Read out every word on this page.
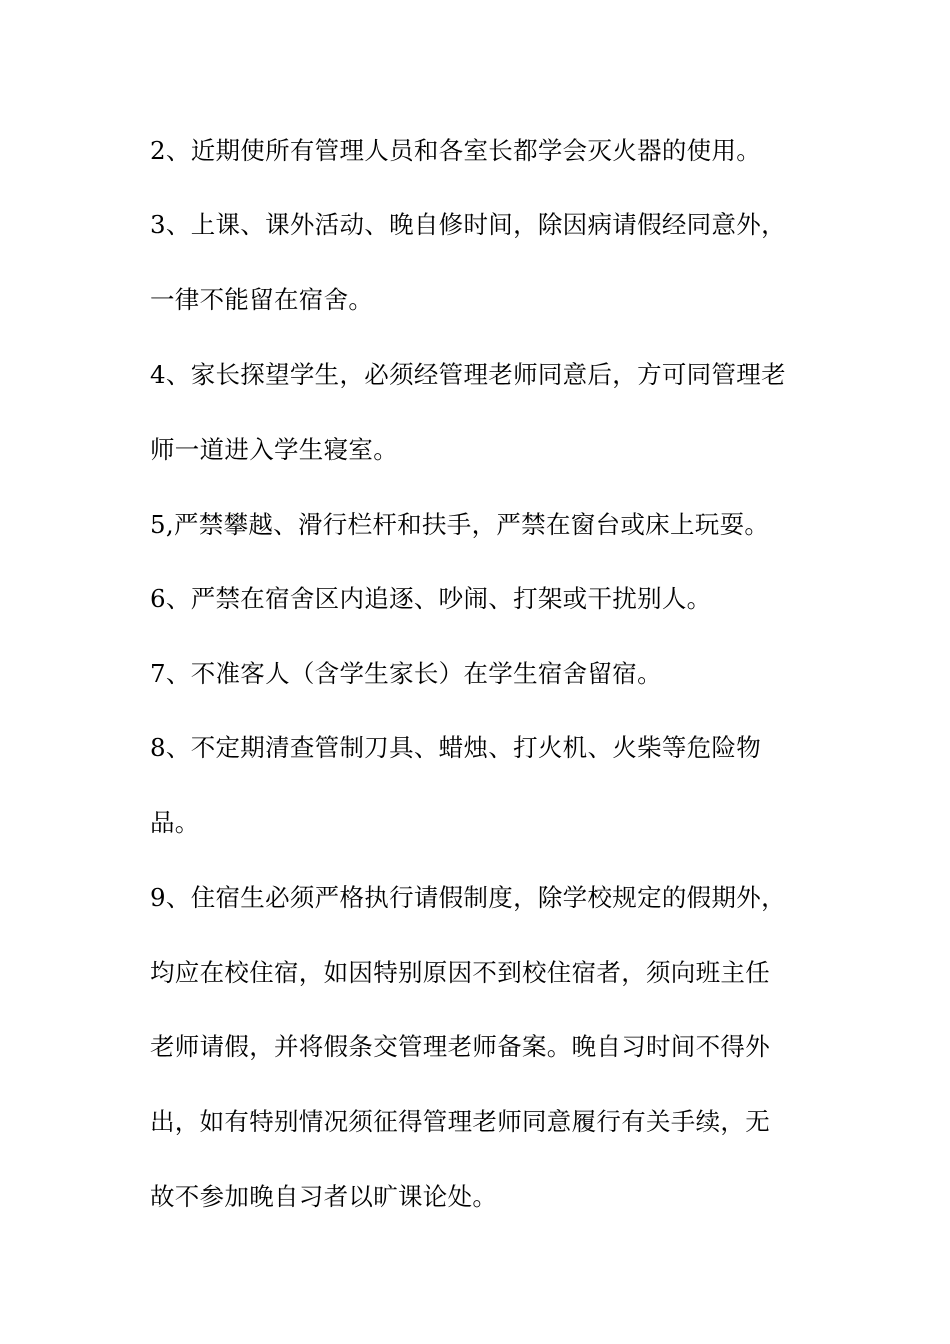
2、近期使所有管理人员和各室长都学会灭火器的使用。
3、上课、课外活动、晚自修时间，除因病请假经同意外，
一律不能留在宿舍。
4、家长探望学生，必须经管理老师同意后，方可同管理老
师一道进入学生寝室。
5,严禁攀越、滑行栏杆和扶手，严禁在窗台或床上玩耍。
6、严禁在宿舍区内追逐、吵闹、打架或干扰别人。
7、不准客人（含学生家长）在学生宿舍留宿。
8、不定期清查管制刀具、蜡烛、打火机、火柴等危险物
品。
9、住宿生必须严格执行请假制度，除学校规定的假期外，
均应在校住宿，如因特别原因不到校住宿者，须向班主任
老师请假，并将假条交管理老师备案。晚自习时间不得外
出，如有特别情况须征得管理老师同意履行有关手续，无
故不参加晚自习者以旷课论处。
